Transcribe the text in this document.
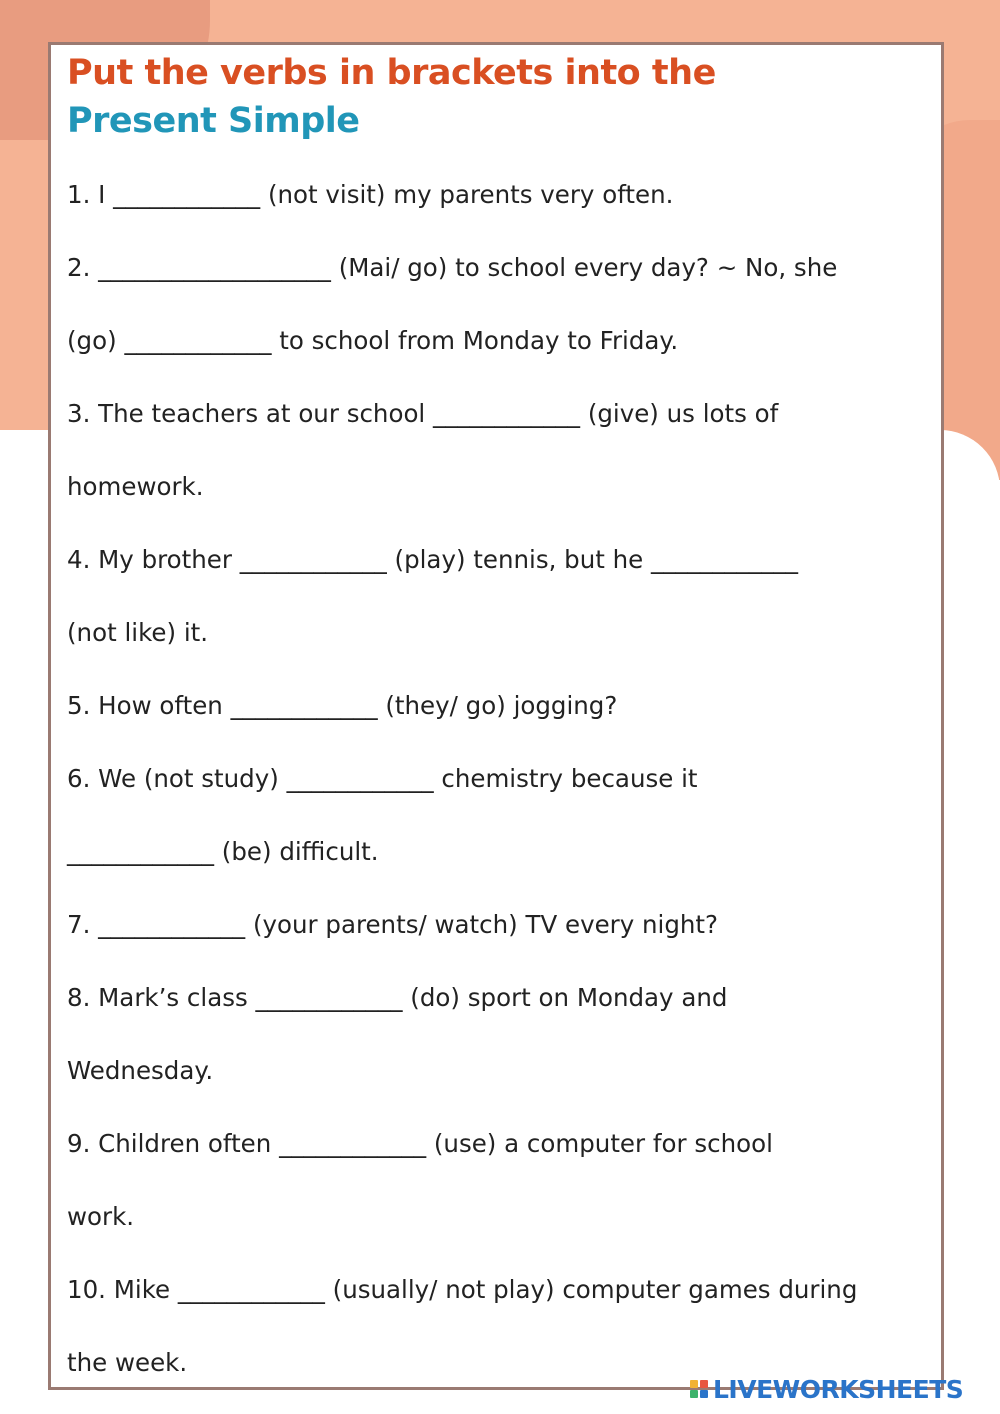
Put the verbs in brackets into the
Present Simple

1. I ____________ (not visit) my parents very often.

2. ___________________ (Mai/ go) to school every day? ~ No, she

(go) ____________ to school from Monday to Friday.

3. The teachers at our school ____________ (give) us lots of

homework.

4. My brother ____________ (play) tennis, but he ____________

(not like) it.

5. How often ____________ (they/ go) jogging?

6. We (not study) ____________ chemistry because it

____________ (be) difficult.

7. ____________ (your parents/ watch) TV every night?

8. Mark’s class ____________ (do) sport on Monday and

Wednesday.

9. Children often ____________ (use) a computer for school

work.

10. Mike ____________ (usually/ not play) computer games during

the week.

LIVEWORKSHEETS
